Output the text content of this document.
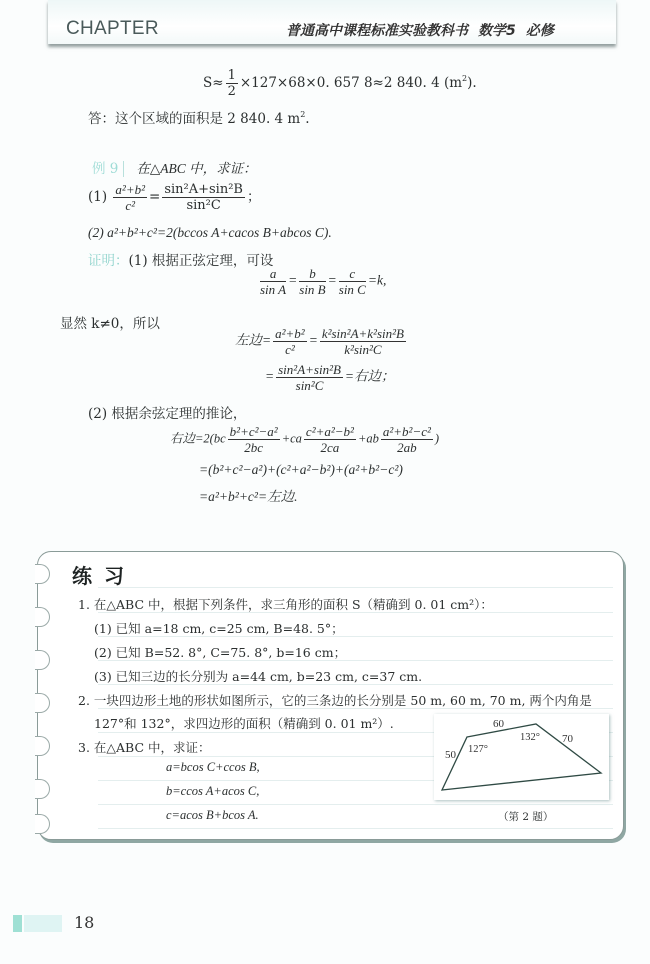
CHAPTER	普通高中课程标准实验教科书 数学5 必修
$S\approx \frac{1}{2} \times 127\times 68\times 0$. 657 8≈2 840. 4 $(m^2)$.
答：这个区域的面积是 2 840. 4 $m^2$.
例 9 在△ABC 中，求证：
$(1) \frac{\text{a²+b²}}{\text{c²}} = \frac{\text{sin²A+sin²B}}{\text{sin²C}}$ ；
(2) a²+b²+c²=2(bccos A+cacos B+abcos C).
证明：(1) 根据正弦定理，可设
$\frac{a}{\text{sin A}} = \frac{b}{\text{sin B}} = \frac{c}{\text{sin C}} =k$,
显然 k≠0，所以
左边= $\frac{\text{a²+b²}}{\text{c²}} = \frac{\text{k²sin²A+k²sin²B}}{\text{k²sin²C}}$
= $\frac{\text{sin²A+sin²B}}{\text{sin²C}}$ =右边；
(2) 根据余弦定理的推论，
右边$=2(bc \frac{\text{b²+c²−a²}}{2bc} +ca \frac{\text{c²+a²−b²}}{2ca} +ab \frac{\text{a²+b²−c²}}{2ab}$ )
=(b²+c²−a²)+(c²+a²−b²)+(a²+b²−c²)
=a²+b²+c²=左边.
练习
1. 在△ABC 中，根据下列条件，求三角形的面积 S（精确到 0. 01 cm²）：
(1) 已知 a=18 cm, c=25 cm, B=48. 5°；
(2) 已知 B=52. 8°, C=75. 8°, b=16 cm；
(3) 已知三边的长分别为 a=44 cm, b=23 cm, c=37 cm.
2. 一块四边形土地的形状如图所示，它的三条边的长分别是 50 m, 60 m, 70 m, 两个内角是
127°和 132°，求四边形的面积（精确到 0. 01 m²）.
3. 在△ABC 中，求证：
a=bcos C+ccos B,
b=ccos A+acos C,
c=acos B+bcos A.
50
60
70
127°
132°
（第 2 题）
18
